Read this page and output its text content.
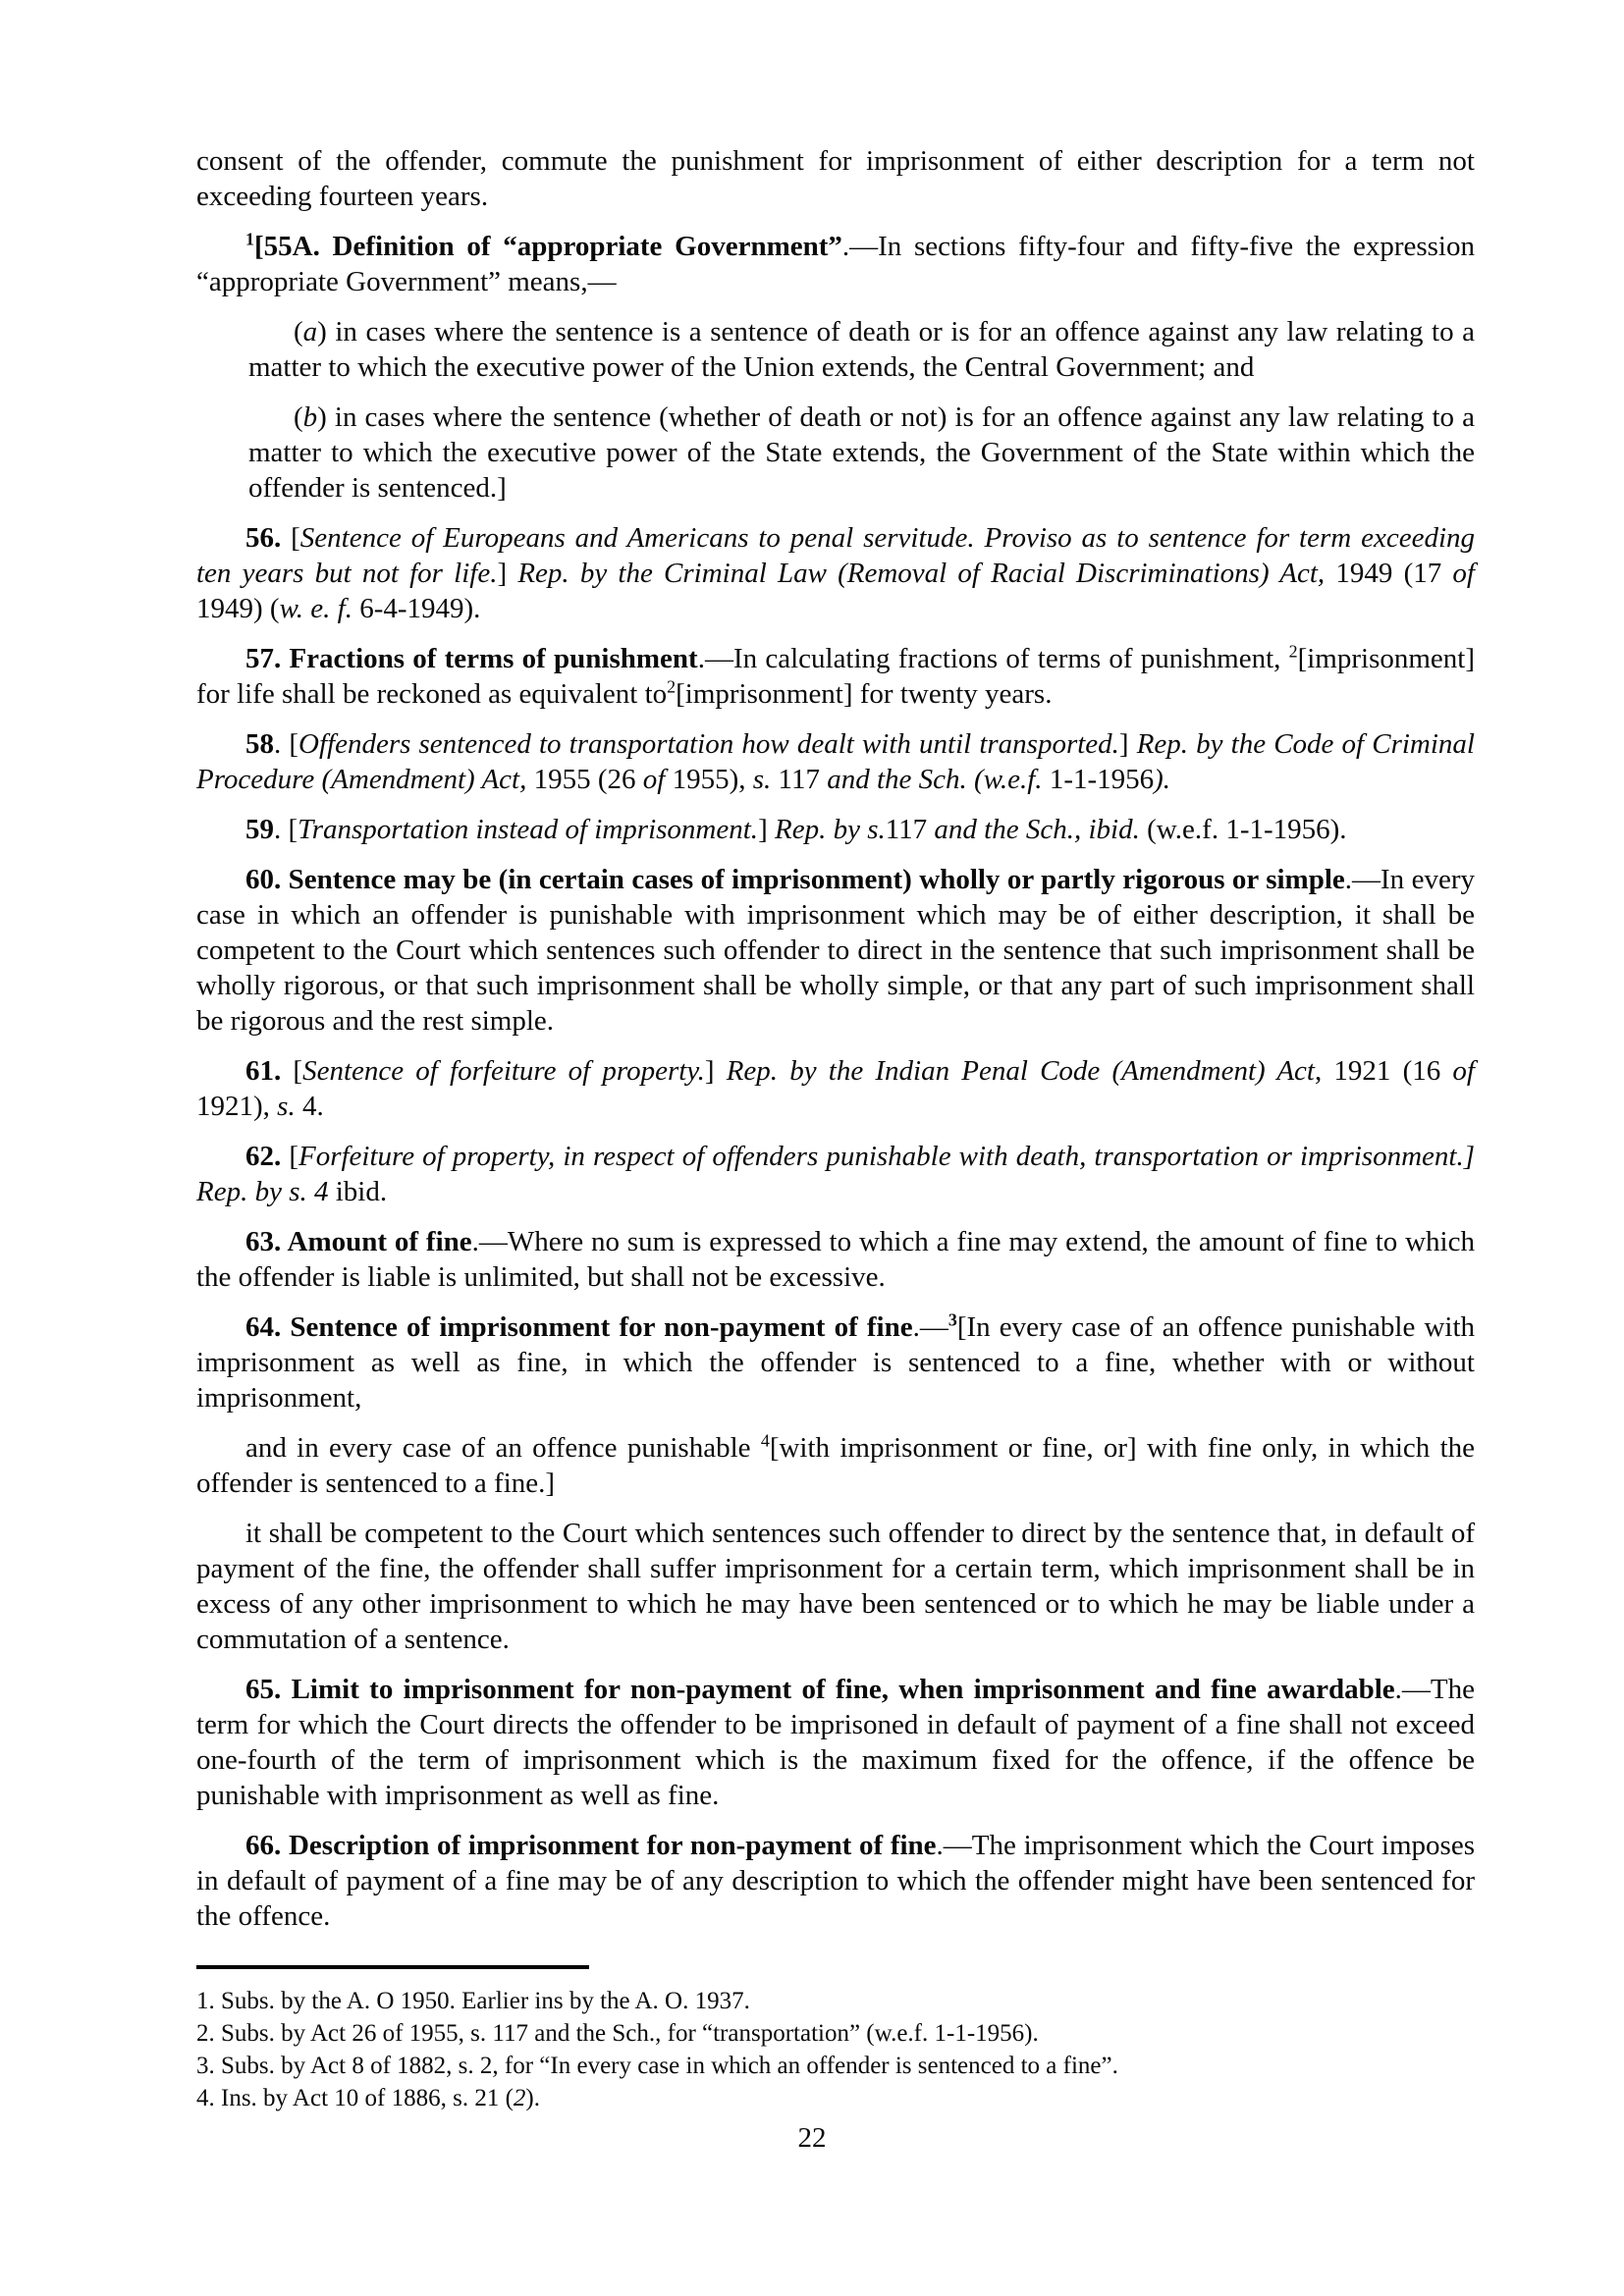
consent of the offender, commute the punishment for imprisonment of either description for a term not exceeding fourteen years.

$^1$[55A. Definition of “appropriate Government”.—In sections fifty-four and fifty-five the expression “appropriate Government” means,—

(a) in cases where the sentence is a sentence of death or is for an offence against any law relating to a matter to which the executive power of the Union extends, the Central Government; and

(b) in cases where the sentence (whether of death or not) is for an offence against any law relating to a matter to which the executive power of the State extends, the Government of the State within which the offender is sentenced.]

56. [Sentence of Europeans and Americans to penal servitude. Proviso as to sentence for term exceeding ten years but not for life.] Rep. by the Criminal Law (Removal of Racial Discriminations) Act, 1949 (17 of 1949) (w. e. f. 6-4-1949).

57. Fractions of terms of punishment.—In calculating fractions of terms of punishment, $^2$[imprisonment] for life shall be reckoned as equivalent $to^2[imprisonment]$ for twenty years.

58. [Offenders sentenced to transportation how dealt with until transported.] Rep. by the Code of Criminal Procedure (Amendment) Act, 1955 (26 of 1955), s. 117 and the Sch. (w.e.f. 1-1-1956).

59. [Transportation instead of imprisonment.] Rep. by s.117 and the Sch., ibid. (w.e.f. 1-1-1956).

60. Sentence may be (in certain cases of imprisonment) wholly or partly rigorous or simple.—In every case in which an offender is punishable with imprisonment which may be of either description, it shall be competent to the Court which sentences such offender to direct in the sentence that such imprisonment shall be wholly rigorous, or that such imprisonment shall be wholly simple, or that any part of such imprisonment shall be rigorous and the rest simple.

61. [Sentence of forfeiture of property.] Rep. by the Indian Penal Code (Amendment) Act, 1921 (16 of 1921), s. 4.

62. [Forfeiture of property, in respect of offenders punishable with death, transportation or imprisonment.] Rep. by s. 4 ibid.

63. Amount of fine.—Where no sum is expressed to which a fine may extend, the amount of fine to which the offender is liable is unlimited, but shall not be excessive.

64. Sentence of imprisonment for non-payment of fine.—$^3$[In every case of an offence punishable with imprisonment as well as fine, in which the offender is sentenced to a fine, whether with or without imprisonment,

and in every case of an offence punishable $^4$[with imprisonment or fine, or] with fine only, in which the offender is sentenced to a fine.]

it shall be competent to the Court which sentences such offender to direct by the sentence that, in default of payment of the fine, the offender shall suffer imprisonment for a certain term, which imprisonment shall be in excess of any other imprisonment to which he may have been sentenced or to which he may be liable under a commutation of a sentence.

65. Limit to imprisonment for non-payment of fine, when imprisonment and fine awardable.—The term for which the Court directs the offender to be imprisoned in default of payment of a fine shall not exceed one-fourth of the term of imprisonment which is the maximum fixed for the offence, if the offence be punishable with imprisonment as well as fine.

66. Description of imprisonment for non-payment of fine.—The imprisonment which the Court imposes in default of payment of a fine may be of any description to which the offender might have been sentenced for the offence.

1. Subs. by the A. O 1950. Earlier ins by the A. O. 1937.
2. Subs. by Act 26 of 1955, s. 117 and the Sch., for “transportation” (w.e.f. 1-1-1956).
3. Subs. by Act 8 of 1882, s. 2, for “In every case in which an offender is sentenced to a fine”.
4. Ins. by Act 10 of 1886, s. 21 (2).
22
